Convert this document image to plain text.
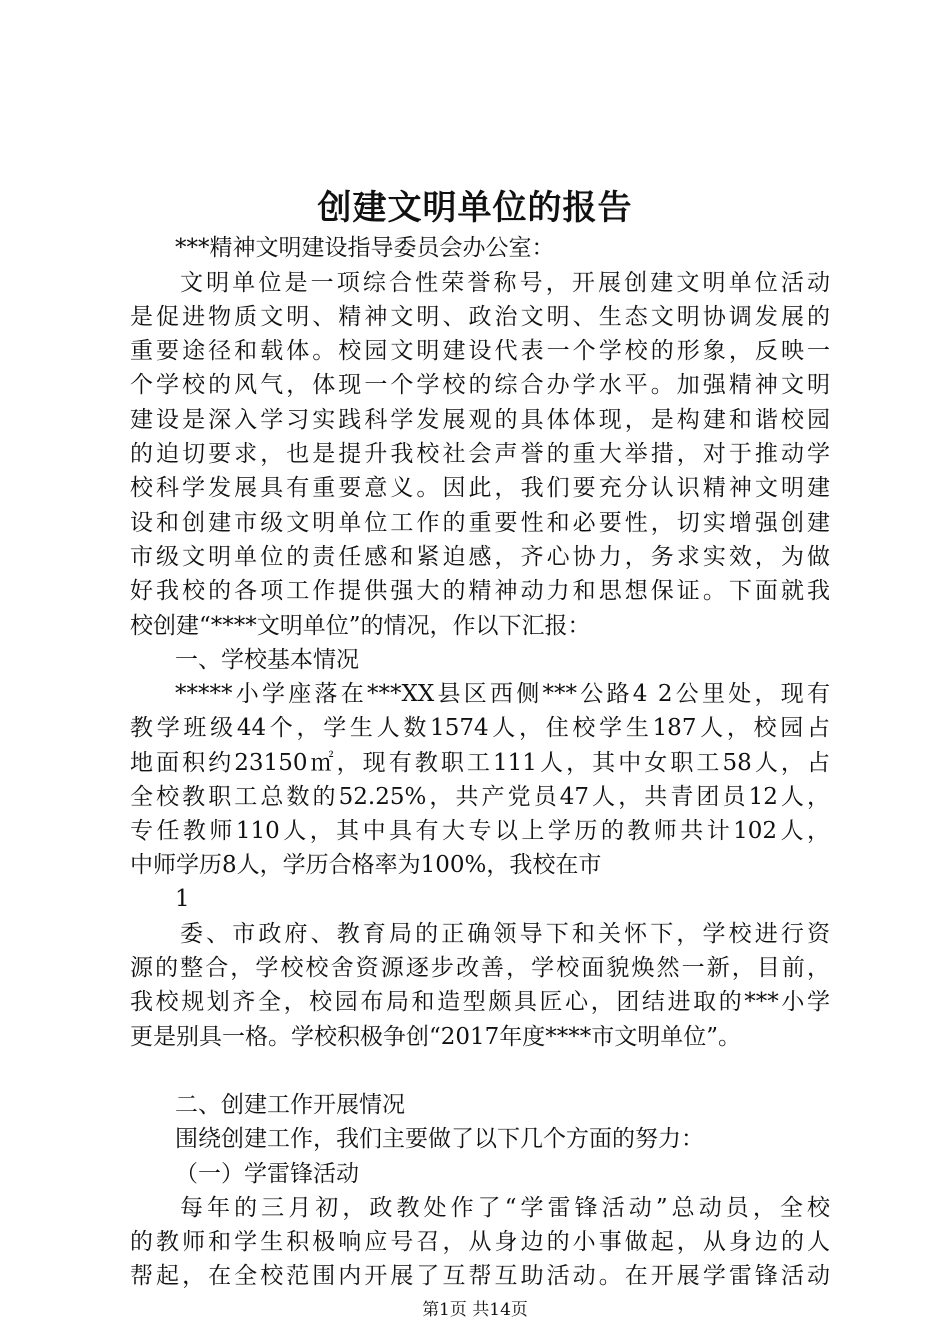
创建文明单位的报告
***精神文明建设指导委员会办公室：
文明单位是一项综合性荣誉称号，开展创建文明单位活动
是促进物质文明、精神文明、政治文明、生态文明协调发展的
重要途径和载体。校园文明建设代表一个学校的形象，反映一
个学校的风气，体现一个学校的综合办学水平。加强精神文明
建设是深入学习实践科学发展观的具体体现，是构建和谐校园
的迫切要求，也是提升我校社会声誉的重大举措，对于推动学
校科学发展具有重要意义。因此，我们要充分认识精神文明建
设和创建市级文明单位工作的重要性和必要性，切实增强创建
市级文明单位的责任感和紧迫感，齐心协力，务求实效，为做
好我校的各项工作提供强大的精神动力和思想保证。下面就我
校创建“****文明单位”的情况，作以下汇报：
一、学校基本情况
*****小学座落在***XX县区西侧***公路4 2公里处，现有
教学班级44个，学生人数1574人，住校学生187人，校园占
地面积约23150㎡，现有教职工111人，其中女职工58人，占
全校教职工总数的52.25%，共产党员47人，共青团员12人，
专任教师110人，其中具有大专以上学历的教师共计102人，
中师学历8人，学历合格率为100%，我校在市
1
委、市政府、教育局的正确领导下和关怀下，学校进行资
源的整合，学校校舍资源逐步改善，学校面貌焕然一新，目前，
我校规划齐全，校园布局和造型颇具匠心，团结进取的***小学
更是别具一格。学校积极争创“2017年度****市文明单位”。
二、创建工作开展情况
围绕创建工作，我们主要做了以下几个方面的努力：
（一）学雷锋活动
每年的三月初，政教处作了“学雷锋活动”总动员，全校
的教师和学生积极响应号召，从身边的小事做起，从身边的人
帮起，在全校范围内开展了互帮互助活动。在开展学雷锋活动
第1页 共14页
